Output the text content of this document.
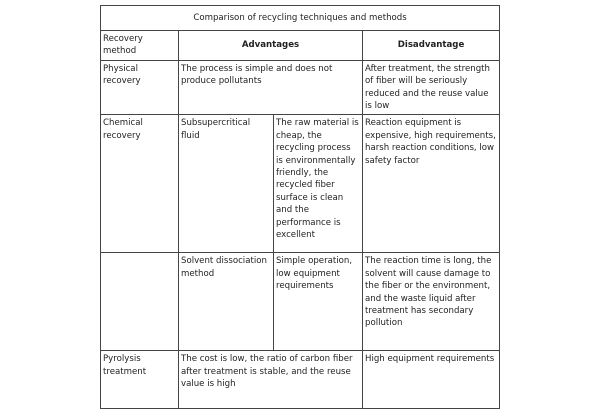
Comparison of recycling techniques and methods			
Recovery method	Advantages		Disadvantage
Physical recovery	The process is simple and does not produce pollutants		After treatment, the strength of fiber will be seriously reduced and the reuse value is low
Chemical recovery	Subsupercritical fluid	The raw material is cheap, the recycling process is environmentally friendly, the recycled fiber surface is clean and the performance is excellent	Reaction equipment is expensive, high requirements, harsh reaction conditions, low safety factor
	Solvent dissociation method	Simple operation, low equipment requirements	The reaction time is long, the solvent will cause damage to the fiber or the environment, and the waste liquid after treatment has secondary pollution
Pyrolysis treatment	The cost is low, the ratio of carbon fiber after treatment is stable, and the reuse value is high		High equipment requirements
